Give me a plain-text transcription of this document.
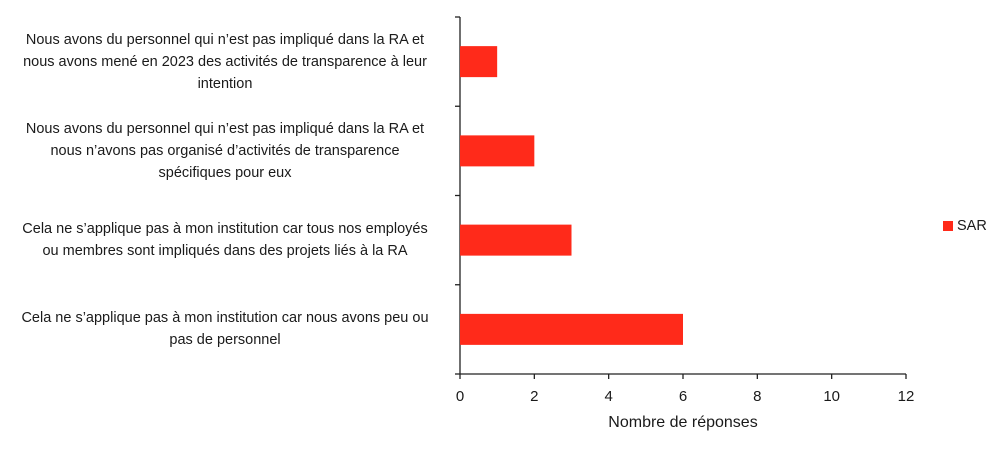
0	2	4	6	8	10	12
Nous avons du personnel qui n’est pas impliqué dans la RA et
nous avons mené en 2023 des activités de transparence à leur
intention
Nous avons du personnel qui n’est pas impliqué dans la RA et
nous n’avons pas organisé d’activités de transparence
spécifiques pour eux
Cela ne s’applique pas à mon institution car tous nos employés
ou membres sont impliqués dans des projets liés à la RA
Cela ne s’applique pas à mon institution car nous avons peu ou
pas de personnel
SAR
Nombre de réponses
